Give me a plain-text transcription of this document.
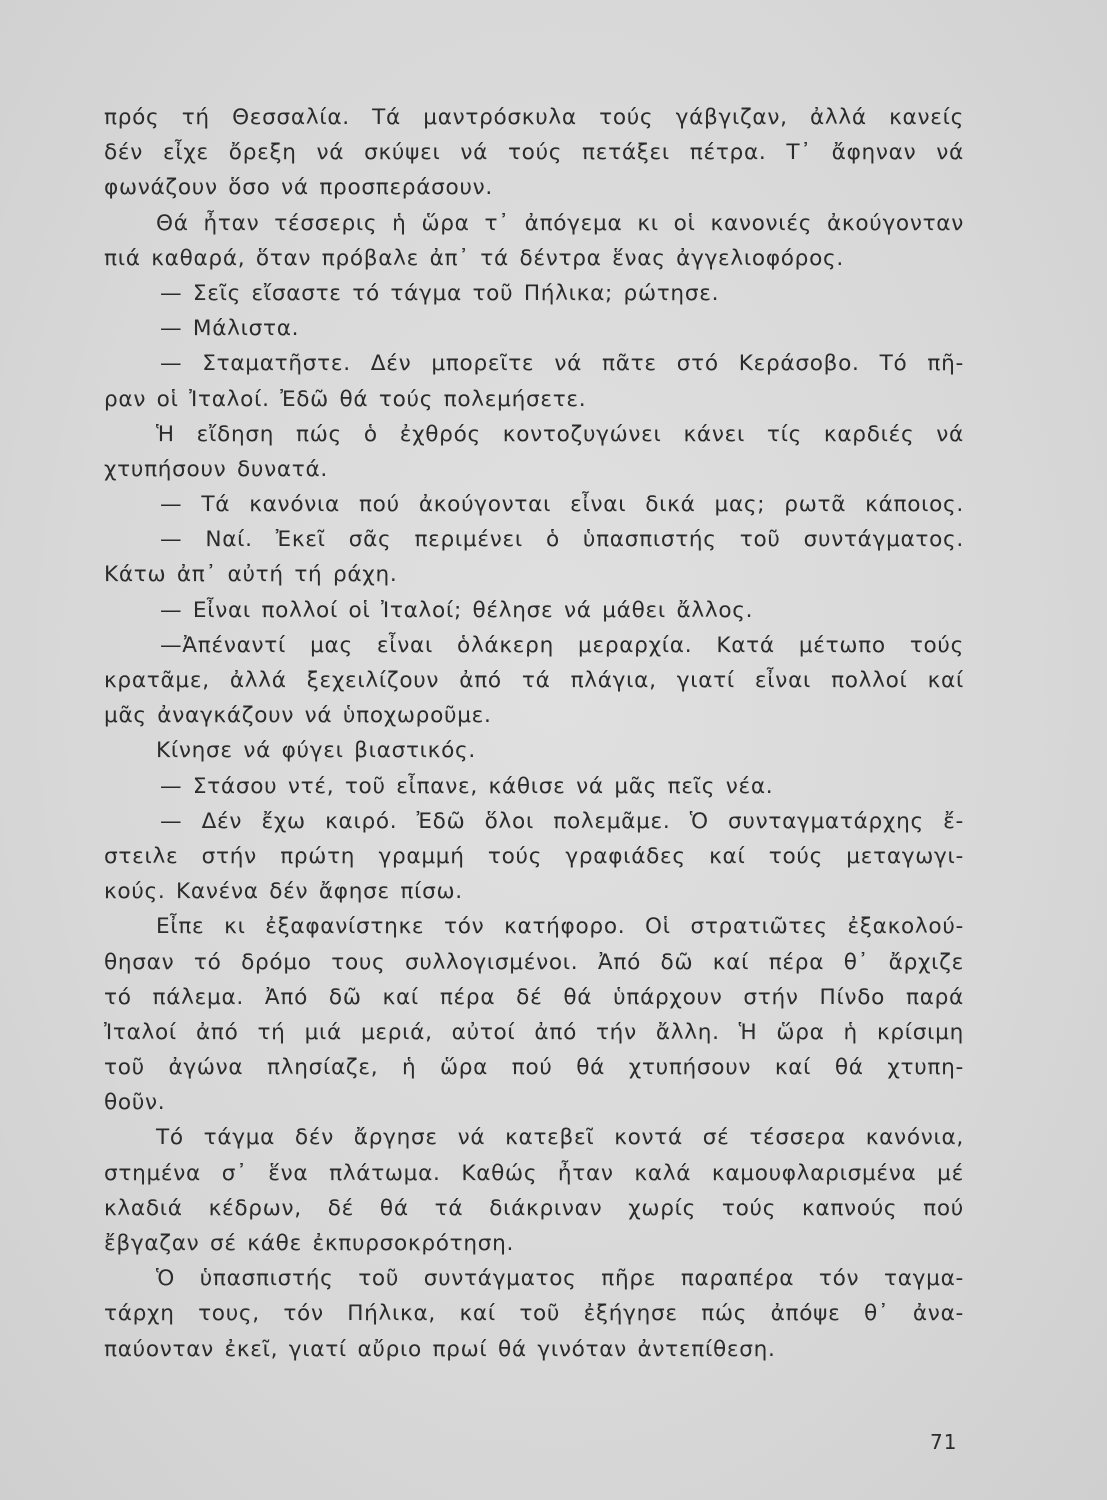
πρός τή Θεσσαλία. Τά μαντρόσκυλα τούς γάβγιζαν, ἀλλά κανείς
δέν εἶχε ὄρεξη νά σκύψει νά τούς πετάξει πέτρα. Τ᾿ ἄφηναν νά
φωνάζουν ὅσο νά προσπεράσουν.
Θά ἦταν τέσσερις ἡ ὥρα τ᾿ ἀπόγεμα κι οἱ κανονιές ἀκούγονταν
πιά καθαρά, ὅταν πρόβαλε ἀπ᾿ τά δέντρα ἕνας ἀγγελιοφόρος.
— Σεῖς εἴσαστε τό τάγμα τοῦ Πήλικα; ρώτησε.
— Μάλιστα.
— Σταματῆστε. Δέν μπορεῖτε νά πᾶτε στό Κεράσοβο. Τό πῆ-
ραν οἱ Ἰταλοί. Ἐδῶ θά τούς πολεμήσετε.
Ἡ εἴδηση πώς ὁ ἐχθρός κοντοζυγώνει κάνει τίς καρδιές νά
χτυπήσουν δυνατά.
— Τά κανόνια πού ἀκούγονται εἶναι δικά μας; ρωτᾶ κάποιος.
— Ναί. Ἐκεῖ σᾶς περιμένει ὁ ὑπασπιστής τοῦ συντάγματος.
Κάτω ἀπ᾿ αὐτή τή ράχη.
— Εἶναι πολλοί οἱ Ἰταλοί; θέλησε νά μάθει ἄλλος.
—Ἀπέναντί μας εἶναι ὁλάκερη μεραρχία. Κατά μέτωπο τούς
κρατᾶμε, ἀλλά ξεχειλίζουν ἀπό τά πλάγια, γιατί εἶναι πολλοί καί
μᾶς ἀναγκάζουν νά ὑποχωροῦμε.
Κίνησε νά φύγει βιαστικός.
— Στάσου ντέ, τοῦ εἶπανε, κάθισε νά μᾶς πεῖς νέα.
— Δέν ἔχω καιρό. Ἐδῶ ὅλοι πολεμᾶμε. Ὁ συνταγματάρχης ἔ-
στειλε στήν πρώτη γραμμή τούς γραφιάδες καί τούς μεταγωγι-
κούς. Κανένα δέν ἄφησε πίσω.
Εἶπε κι ἐξαφανίστηκε τόν κατήφορο. Οἱ στρατιῶτες ἐξακολού-
θησαν τό δρόμο τους συλλογισμένοι. Ἀπό δῶ καί πέρα θ᾿ ἄρχιζε
τό πάλεμα. Ἀπό δῶ καί πέρα δέ θά ὑπάρχουν στήν Πίνδο παρά
Ἰταλοί ἀπό τή μιά μεριά, αὐτοί ἀπό τήν ἄλλη. Ἡ ὥρα ἡ κρίσιμη
τοῦ ἀγώνα πλησίαζε, ἡ ὥρα πού θά χτυπήσουν καί θά χτυπη-
θοῦν.
Τό τάγμα δέν ἄργησε νά κατεβεῖ κοντά σέ τέσσερα κανόνια,
στημένα σ᾿ ἕνα πλάτωμα. Καθώς ἦταν καλά καμουφλαρισμένα μέ
κλαδιά κέδρων, δέ θά τά διάκριναν χωρίς τούς καπνούς πού
ἔβγαζαν σέ κάθε ἐκπυρσοκρότηση.
Ὁ ὑπασπιστής τοῦ συντάγματος πῆρε παραπέρα τόν ταγμα-
τάρχη τους, τόν Πήλικα, καί τοῦ ἐξήγησε πώς ἀπόψε θ᾿ ἀνα-
παύονταν ἐκεῖ, γιατί αὔριο πρωί θά γινόταν ἀντεπίθεση.
71
